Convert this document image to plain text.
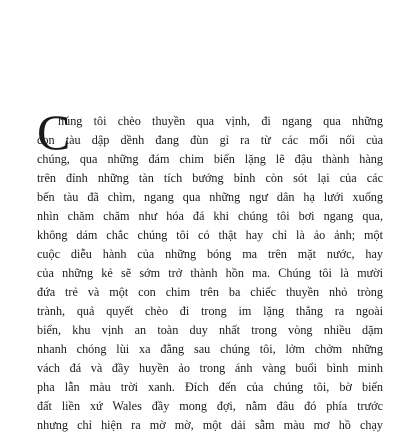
C
húng tôi chèo thuyền qua vịnh, đi ngang qua những
con tàu dập dềnh đang đùn gỉ ra từ các mối nối của
chúng, qua những đám chim biển lặng lẽ đậu thành hàng
trên đỉnh những tàn tích bướng bỉnh còn sót lại của các
bến tàu đã chìm, ngang qua những ngư dân hạ lưới xuống
nhìn chăm chăm như hóa đá khi chúng tôi bơi ngang qua,
không dám chắc chúng tôi có thật hay chỉ là ảo ảnh; một
cuộc diễu hành của những bóng ma trên mặt nước, hay
của những kẻ sẽ sớm trở thành hồn ma. Chúng tôi là mười
đứa trẻ và một con chim trên ba chiếc thuyền nhỏ tròng
trành, quả quyết chèo đi trong im lặng thẳng ra ngoài
biển, khu vịnh an toàn duy nhất trong vòng nhiều dặm
nhanh chóng lùi xa đằng sau chúng tôi, lởm chởm những
vách đá và đầy huyền ảo trong ánh vàng buổi bình minh
pha lẫn màu trời xanh. Đích đến của chúng tôi, bờ biển
đất liền xứ Wales đầy mong đợi, nằm đâu đó phía trước
nhưng chỉ hiện ra mờ mờ, một dải sẫm màu mơ hồ chạy
